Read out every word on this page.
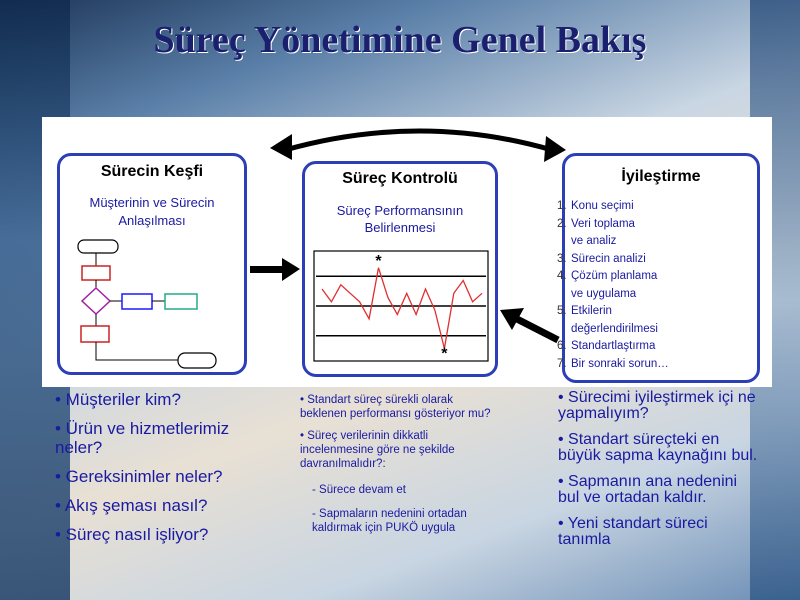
Süreç Yönetimine Genel Bakış
Sürecin Keşfi
Müşterinin ve Sürecin
Anlaşılması
Süreç Kontrolü
Süreç Performansının
Belirlenmesi
İyileştirme
1. Konu seçimi
2. Veri toplama
ve analiz
3. Sürecin analizi
4. Çözüm planlama
ve uygulama
5. Etkilerin
değerlendirilmesi
6. Standartlaştırma
7. Bir sonraki sorun…
*
*

• Müşteriler kim?

• Ürün ve hizmetlerimiz neler?

• Gereksinimler neler?

• Akış şeması nasıl?

• Süreç nasıl işliyor?

• Standart süreç sürekli olarak beklenen performansı gösteriyor mu?

• Süreç verilerinin dikkatli incelenmesine göre ne şekilde davranılmalıdır?:

- Sürece devam et

- Sapmaların nedenini ortadan kaldırmak için PUKÖ uygula

• Sürecimi iyileştirmek içi ne yapmalıyım?

• Standart süreçteki en büyük sapma kaynağını bul.

• Sapmanın ana nedenini bul ve ortadan kaldır.

• Yeni standart süreci tanımla
